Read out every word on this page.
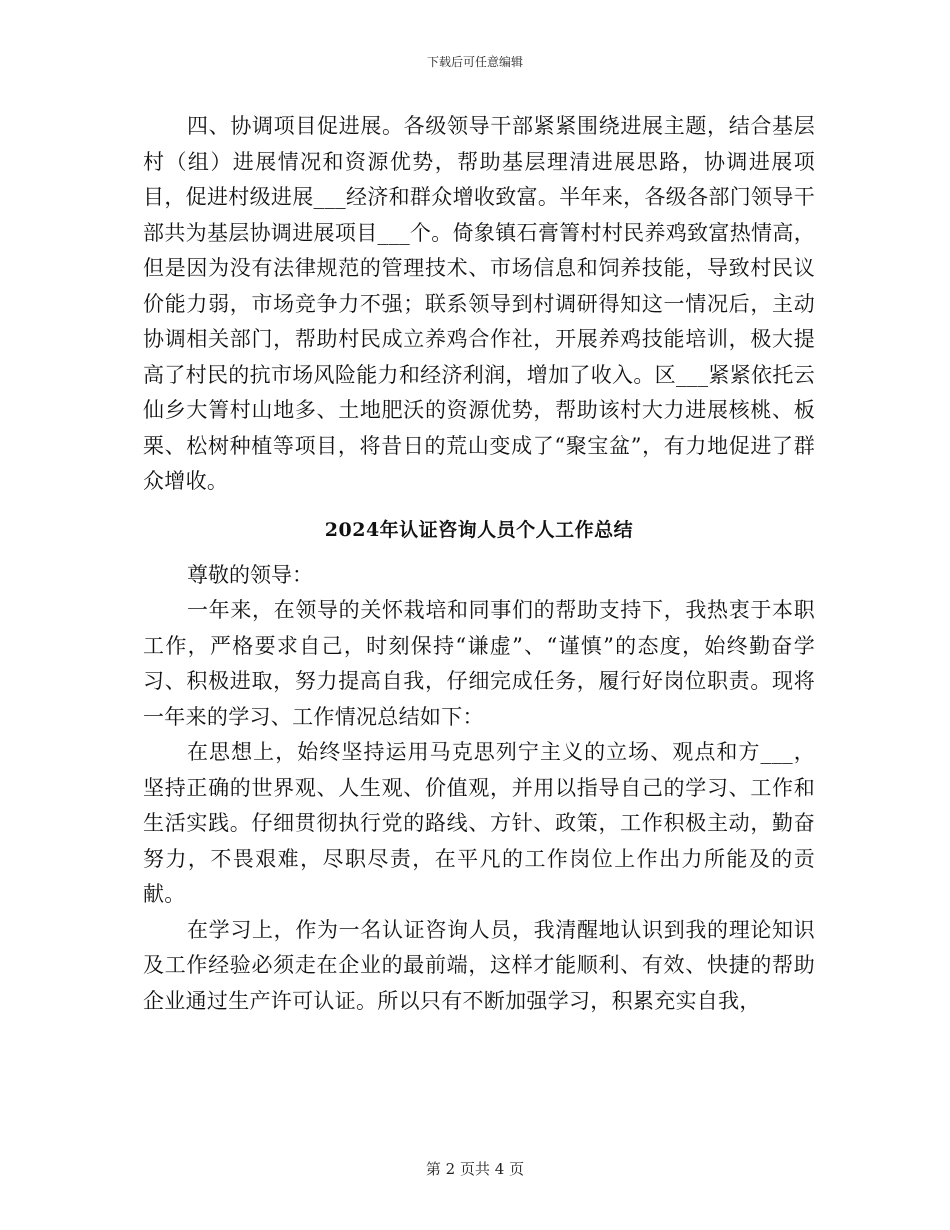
下载后可任意编辑

四、协调项目促进展。各级领导干部紧紧围绕进展主题，结合基层村（组）进展情况和资源优势，帮助基层理清进展思路，协调进展项目，促进村级进展___经济和群众增收致富。半年来，各级各部门领导干部共为基层协调进展项目___个。倚象镇石膏箐村村民养鸡致富热情高，但是因为没有法律规范的管理技术、市场信息和饲养技能，导致村民议价能力弱，市场竞争力不强；联系领导到村调研得知这一情况后，主动协调相关部门，帮助村民成立养鸡合作社，开展养鸡技能培训，极大提高了村民的抗市场风险能力和经济利润，增加了收入。区___紧紧依托云仙乡大箐村山地多、土地肥沃的资源优势，帮助该村大力进展核桃、板栗、松树种植等项目，将昔日的荒山变成了“聚宝盆”，有力地促进了群众增收。

2024年认证咨询人员个人工作总结

尊敬的领导：

一年来，在领导的关怀栽培和同事们的帮助支持下，我热衷于本职工作，严格要求自己，时刻保持“谦虚”、“谨慎”的态度，始终勤奋学习、积极进取，努力提高自我，仔细完成任务，履行好岗位职责。现将一年来的学习、工作情况总结如下：

在思想上，始终坚持运用马克思列宁主义的立场、观点和方___，坚持正确的世界观、人生观、价值观，并用以指导自己的学习、工作和生活实践。仔细贯彻执行党的路线、方针、政策，工作积极主动，勤奋努力，不畏艰难，尽职尽责，在平凡的工作岗位上作出力所能及的贡献。

在学习上，作为一名认证咨询人员，我清醒地认识到我的理论知识及工作经验必须走在企业的最前端，这样才能顺利、有效、快捷的帮助企业通过生产许可认证。所以只有不断加强学习，积累充实自我，

第 2 页共 4 页
